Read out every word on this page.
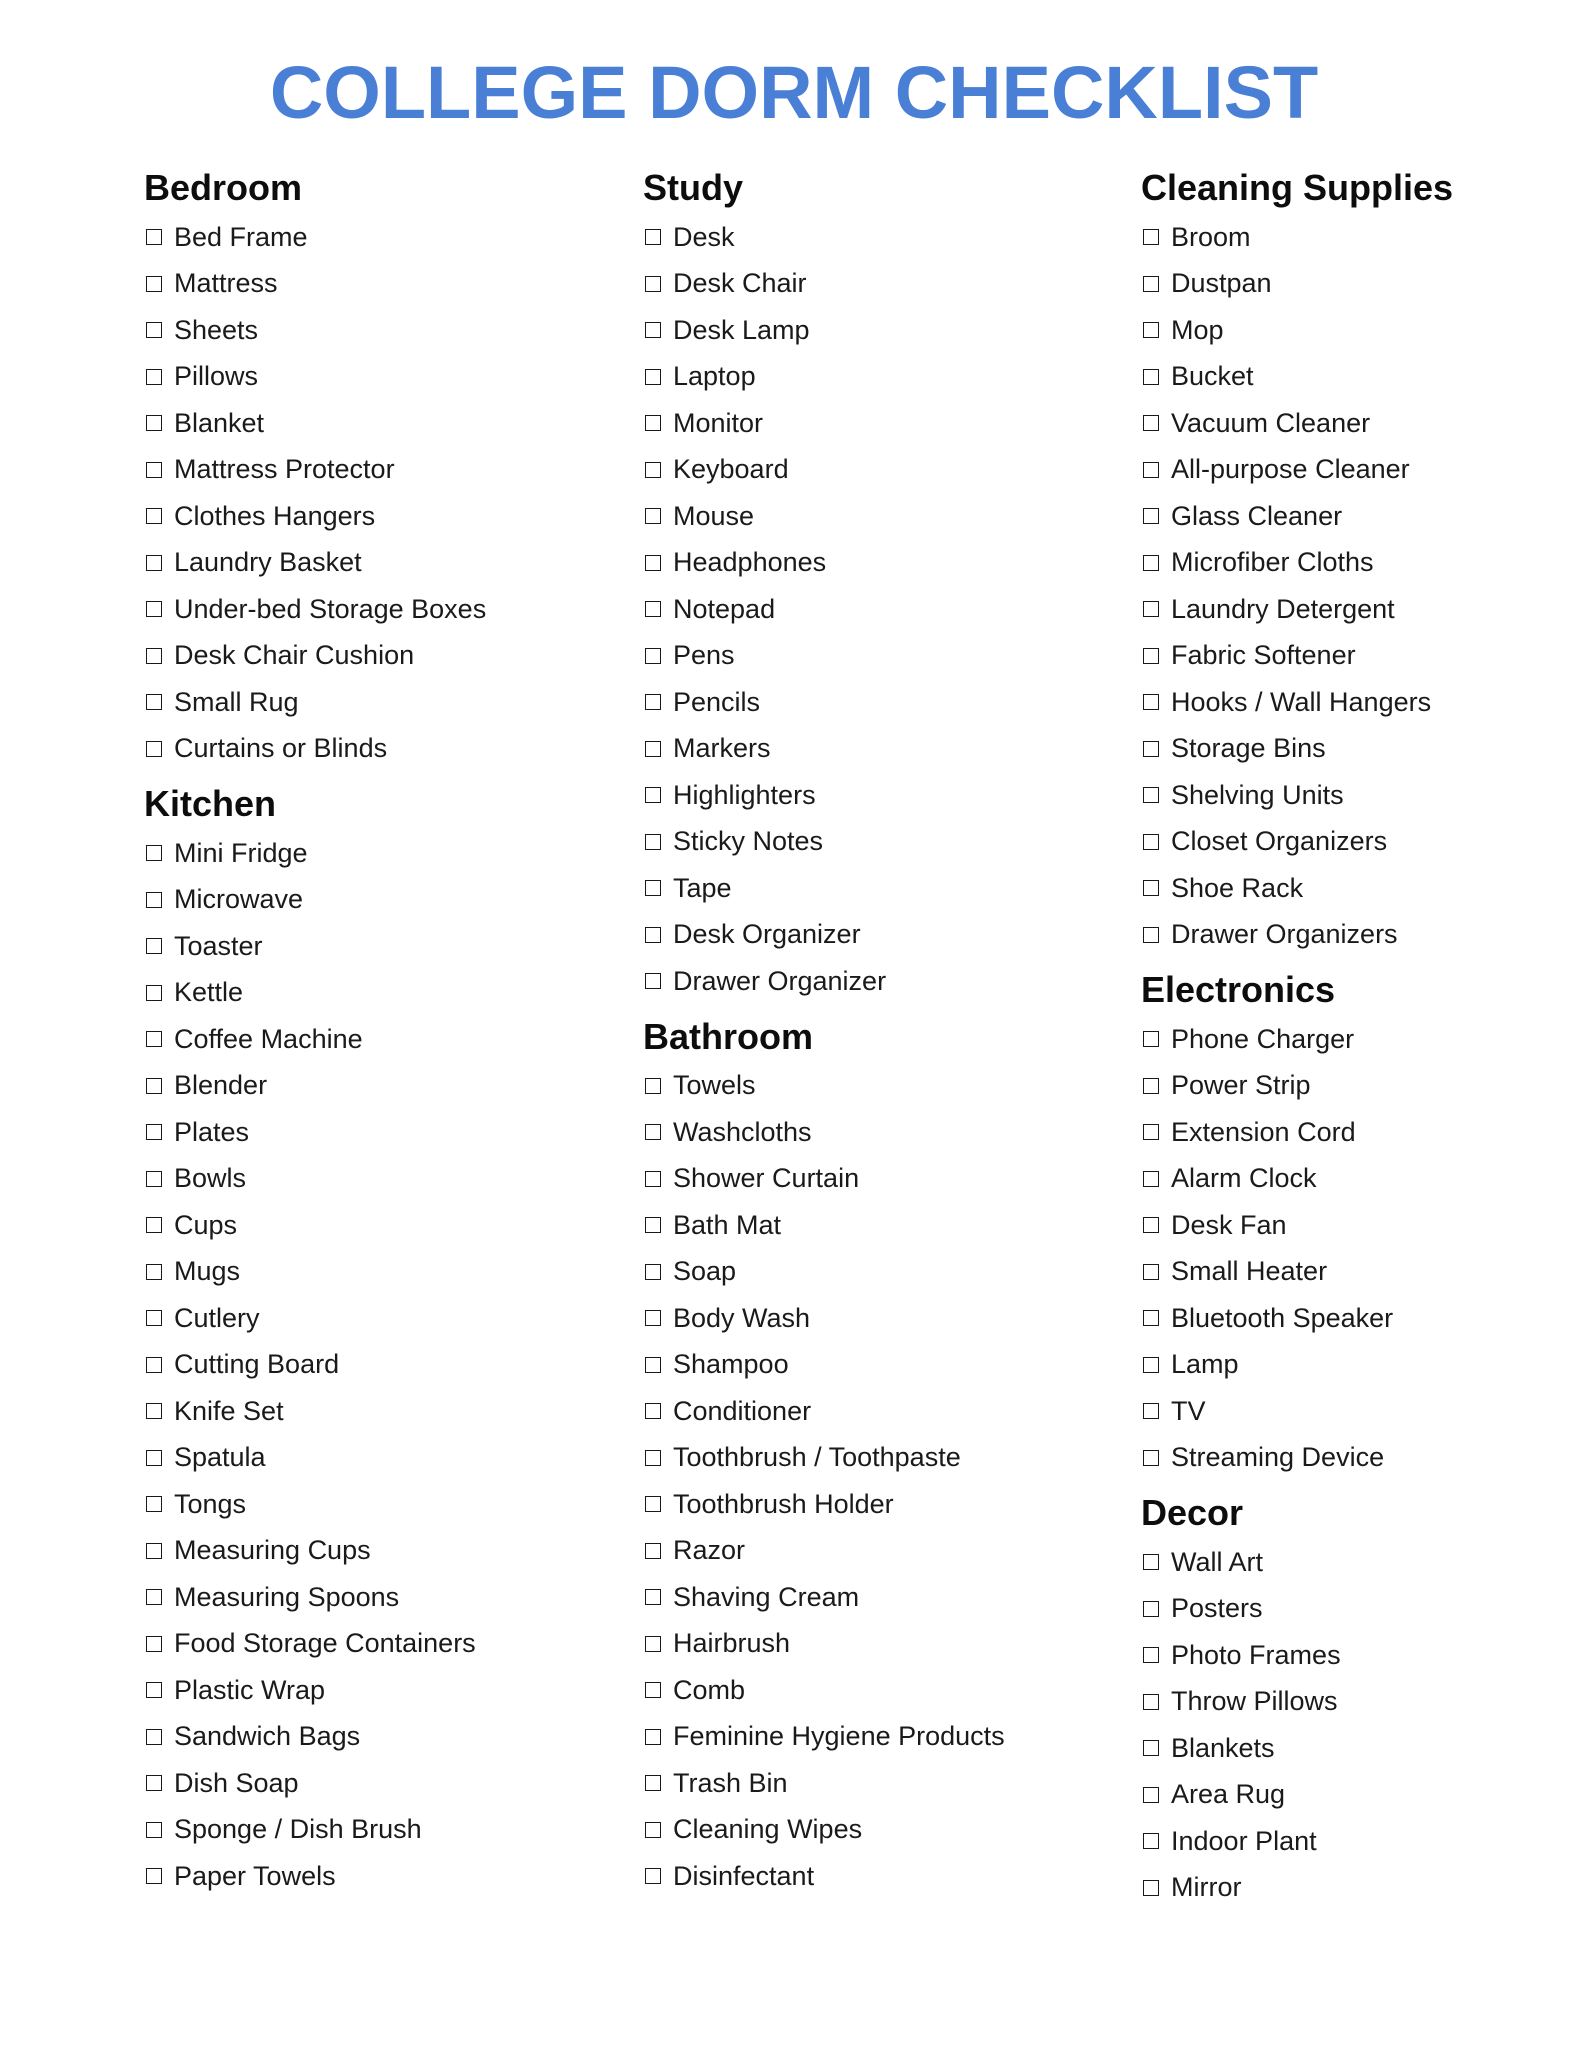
COLLEGE DORM CHECKLIST
Bedroom
Bed Frame
Mattress
Sheets
Pillows
Blanket
Mattress Protector
Clothes Hangers
Laundry Basket
Under-bed Storage Boxes
Desk Chair Cushion
Small Rug
Curtains or Blinds
Kitchen
Mini Fridge
Microwave
Toaster
Kettle
Coffee Machine
Blender
Plates
Bowls
Cups
Mugs
Cutlery
Cutting Board
Knife Set
Spatula
Tongs
Measuring Cups
Measuring Spoons
Food Storage Containers
Plastic Wrap
Sandwich Bags
Dish Soap
Sponge / Dish Brush
Paper Towels
Study
Desk
Desk Chair
Desk Lamp
Laptop
Monitor
Keyboard
Mouse
Headphones
Notepad
Pens
Pencils
Markers
Highlighters
Sticky Notes
Tape
Desk Organizer
Drawer Organizer
Bathroom
Towels
Washcloths
Shower Curtain
Bath Mat
Soap
Body Wash
Shampoo
Conditioner
Toothbrush / Toothpaste
Toothbrush Holder
Razor
Shaving Cream
Hairbrush
Comb
Feminine Hygiene Products
Trash Bin
Cleaning Wipes
Disinfectant
Cleaning Supplies
Broom
Dustpan
Mop
Bucket
Vacuum Cleaner
All-purpose Cleaner
Glass Cleaner
Microfiber Cloths
Laundry Detergent
Fabric Softener
Hooks / Wall Hangers
Storage Bins
Shelving Units
Closet Organizers
Shoe Rack
Drawer Organizers
Electronics
Phone Charger
Power Strip
Extension Cord
Alarm Clock
Desk Fan
Small Heater
Bluetooth Speaker
Lamp
TV
Streaming Device
Decor
Wall Art
Posters
Photo Frames
Throw Pillows
Blankets
Area Rug
Indoor Plant
Mirror
